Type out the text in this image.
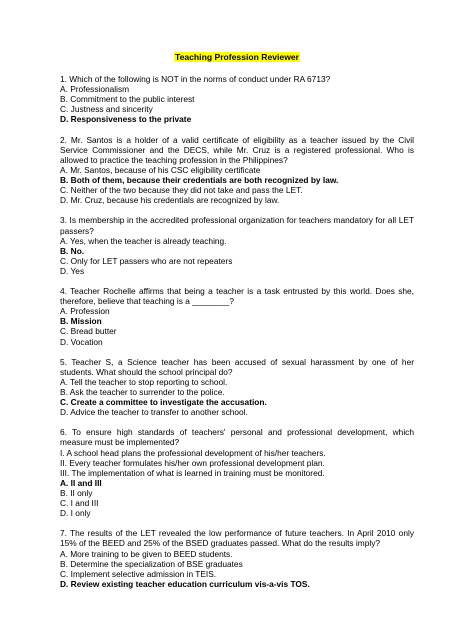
Teaching Profession Reviewer
1. Which of the following is NOT in the norms of conduct under RA 6713?
A. Professionalism
B. Commitment to the public interest
C. Justness and sincerity
D. Responsiveness to the private
2. Mr. Santos is a holder of a valid certificate of eligibility as a teacher issued by the Civil Service Commissioner and the DECS, while Mr. Cruz is a registered professional. Who is allowed to practice the teaching profession in the Philippines?
A. Mr. Santos, because of his CSC eligibility certificate
B. Both of them, because their credentials are both recognized by law.
C. Neither of the two because they did not take and pass the LET.
D. Mr. Cruz, because his credentials are recognized by law.
3. Is membership in the accredited professional organization for teachers mandatory for all LET passers?
A. Yes, when the teacher is already teaching.
B. No.
C. Only for LET passers who are not repeaters
D. Yes
4. Teacher Rochelle affirms that being a teacher is a task entrusted by this world. Does she, therefore, believe that teaching is a ________?
A. Profession
B. Mission
C. Bread butter
D. Vocation
5. Teacher S, a Science teacher has been accused of sexual harassment by one of her students. What should the school principal do?
A. Tell the teacher to stop reporting to school.
B. Ask the teacher to surrender to the police.
C. Create a committee to investigate the accusation.
D. Advice the teacher to transfer to another school.
6. To ensure high standards of teachers' personal and professional development, which measure must be implemented?
I. A school head plans the professional development of his/her teachers.
II. Every teacher formulates his/her own professional development plan.
III. The implementation of what is learned in training must be monitored.
A. II and III
B. II only
C. I and III
D. I only
7. The results of the LET revealed the low performance of future teachers. In April 2010 only 15% of the BEED and 25% of the BSED graduates passed. What do the results imply?
A. More training to be given to BEED students.
B. Determine the specialization of BSE graduates
C. Implement selective admission in TEIS.
D. Review existing teacher education curriculum vis-a-vis TOS.
